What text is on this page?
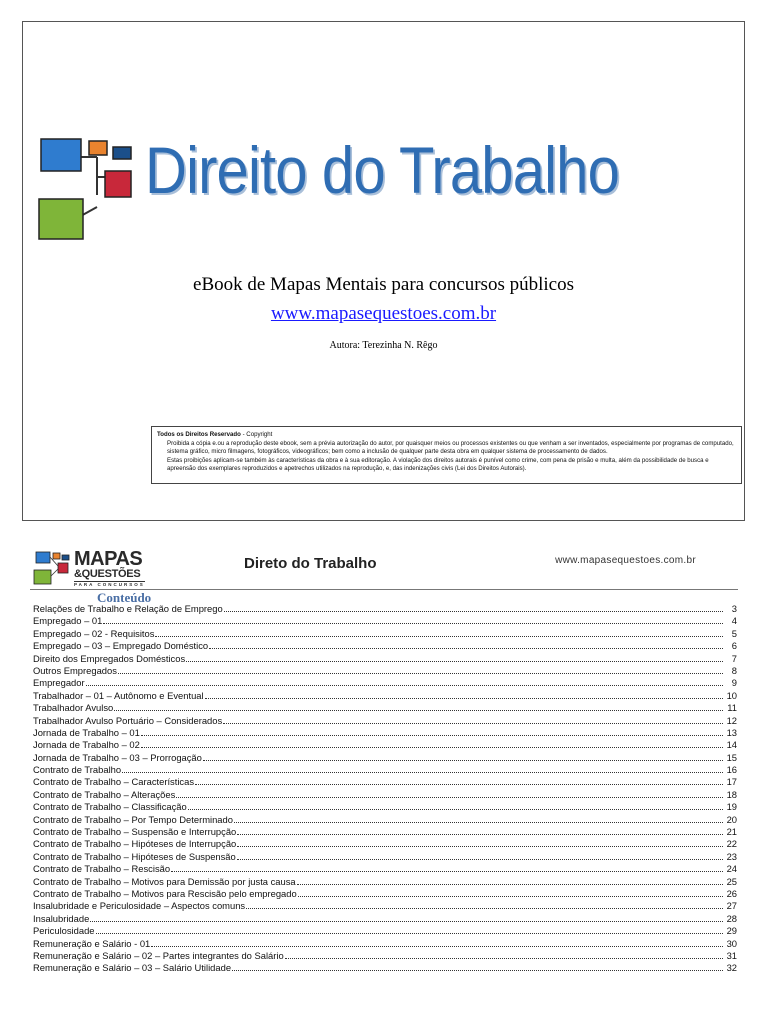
Direito do Trabalho
eBook de Mapas Mentais para concursos públicos
www.mapasequestoes.com.br
Autora: Terezinha N. Rêgo

Todos os Direitos Reservado - Copyright

Proibida a cópia e.ou a reprodução deste ebook, sem a prévia autorização do autor, por quaisquer meios ou processos existentes ou que venham a ser inventados, especialmente por programas de computado, sistema gráfico, micro filmagens, fotográficos, videográficos; bem como a inclusão de qualquer parte desta obra em qualquer sistema de processamento de dados.

Estas proibições aplicam-se também às características da obra e à sua editoração. A violação dos direitos autorais é punível como crime, com pena de prisão e multa, além da possibilidade de busca e apreensão dos exemplares reproduzidos e apetrechos utilizados na reprodução, e, das indenizações civis (Lei dos Direitos Autorais).

MAPAS
&QUESTÕES
PARA CONCURSOS
Direto do Trabalho	www.mapasequestoes.com.br
Conteúdo
Relações de Trabalho e Relação de Emprego	3
Empregado – 01	4
Empregado – 02 - Requisitos	5
Empregado – 03 – Empregado Doméstico	6
Direito dos Empregados Domésticos	7
Outros Empregados	8
Empregador	9
Trabalhador – 01 – Autônomo e Eventual	10
Trabalhador Avulso	11
Trabalhador Avulso Portuário – Considerados	12
Jornada de Trabalho – 01	13
Jornada de Trabalho – 02	14
Jornada de Trabalho – 03 – Prorrogação	15
Contrato de Trabalho	16
Contrato de Trabalho – Características	17
Contrato de Trabalho – Alterações	18
Contrato de Trabalho – Classificação	19
Contrato de Trabalho – Por Tempo Determinado	20
Contrato de Trabalho – Suspensão e Interrupção	21
Contrato de Trabalho – Hipóteses de Interrupção	22
Contrato de Trabalho – Hipóteses de Suspensão	23
Contrato de Trabalho – Rescisão	24
Contrato de Trabalho – Motivos para Demissão por justa causa	25
Contrato de Trabalho – Motivos para Rescisão pelo empregado	26
Insalubridade e Periculosidade – Aspectos comuns	27
Insalubridade	28
Periculosidade	29
Remuneração e Salário - 01	30
Remuneração e Salário – 02 – Partes integrantes do Salário	31
Remuneração e Salário – 03 – Salário Utilidade	32
